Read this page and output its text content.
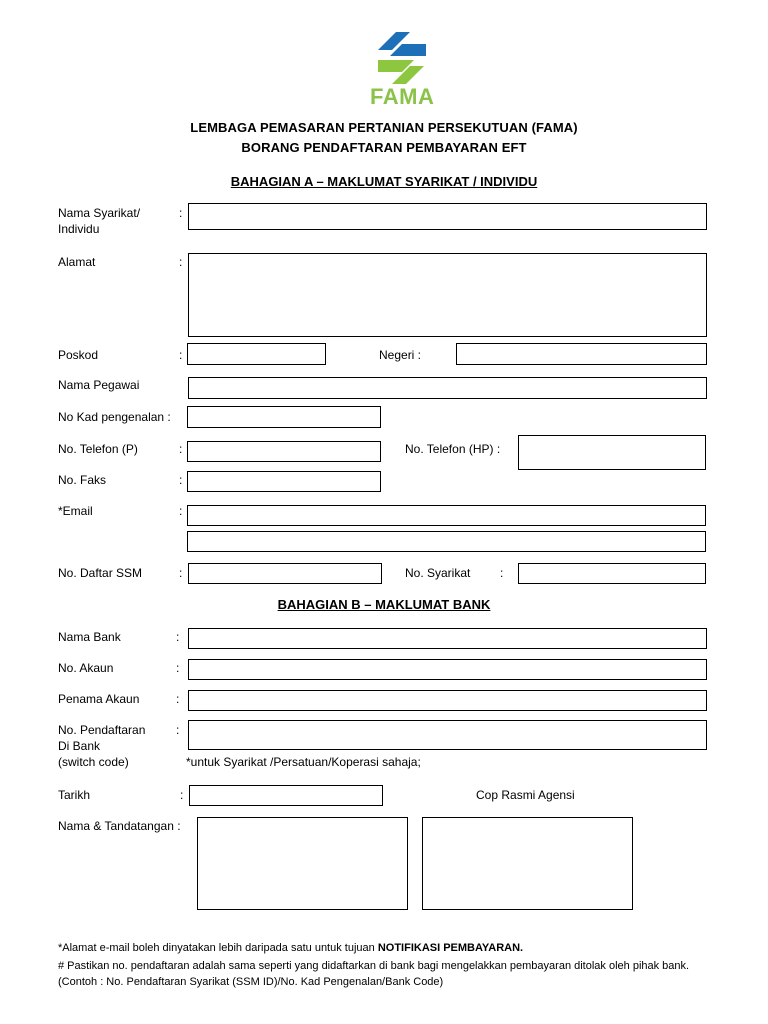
FAMA
LEMBAGA PEMASARAN PERTANIAN PERSEKUTUAN (FAMA)
BORANG PENDAFTARAN PEMBAYARAN EFT
BAHAGIAN A – MAKLUMAT SYARIKAT / INDIVIDU
Nama Syarikat/
Individu
:
Alamat	:
Poskod	:	Negeri :
Nama Pegawai
No Kad pengenalan :
No. Telefon (P)	:	No. Telefon (HP) :
No. Faks	:
*Email	:
No. Daftar SSM	:	No. Syarikat :
BAHAGIAN B – MAKLUMAT BANK
Nama Bank	:
No. Akaun	:
Penama Akaun	:
No. Pendaftaran
Di Bank
(switch code)
:
*untuk Syarikat /Persatuan/Koperasi sahaja;
Tarikh	:	Cop Rasmi Agensi
Nama & Tandatangan :
*Alamat e-mail boleh dinyatakan lebih daripada satu untuk tujuan NOTIFIKASI PEMBAYARAN.
# Pastikan no. pendaftaran adalah sama seperti yang didaftarkan di bank bagi mengelakkan pembayaran ditolak oleh pihak bank.
(Contoh : No. Pendaftaran Syarikat (SSM ID)/No. Kad Pengenalan/Bank Code)
